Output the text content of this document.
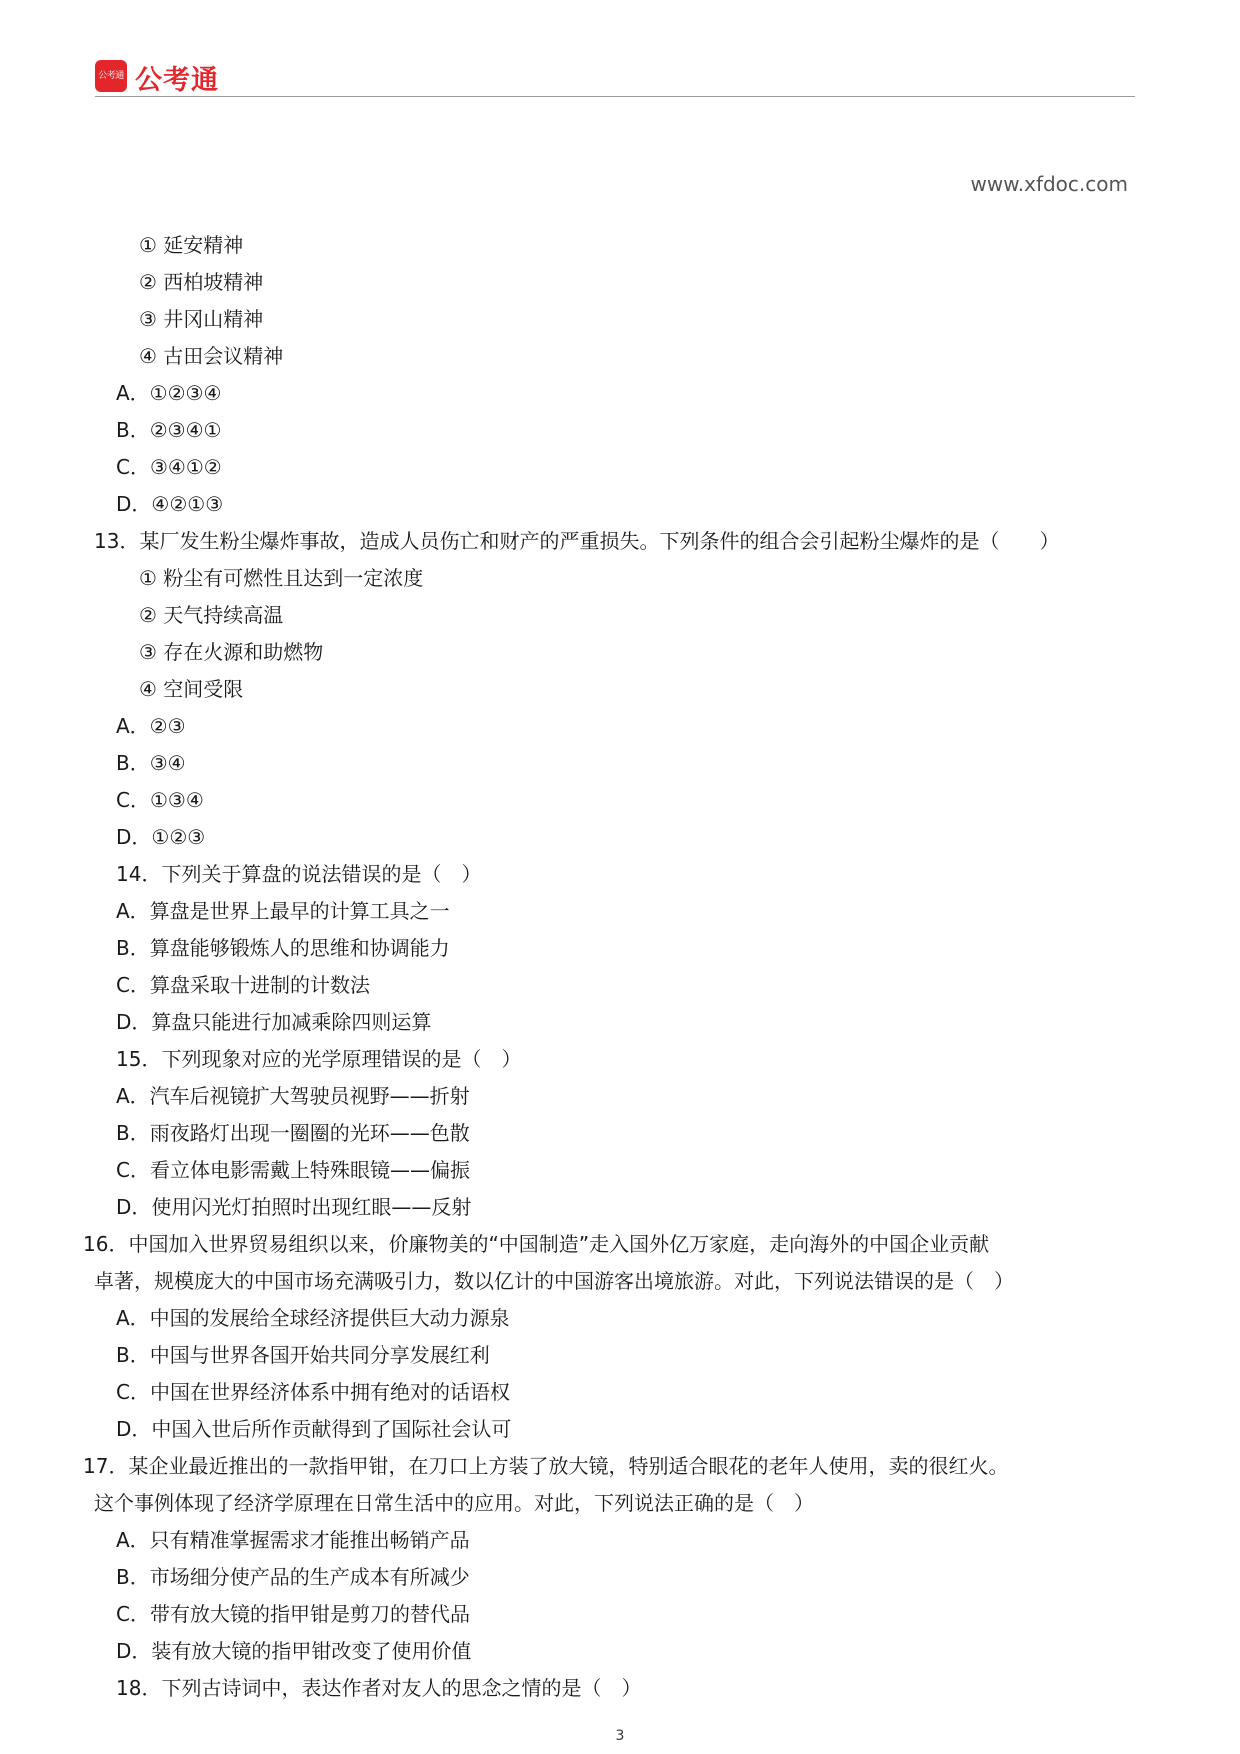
公考通 公考通
www.xfdoc.com
① 延安精神
② 西柏坡精神
③ 井冈山精神
④ 古田会议精神
A．①②③④
B．②③④①
C．③④①②
D．④②①③
13．某厂发生粉尘爆炸事故，造成人员伤亡和财产的严重损失。下列条件的组合会引起粉尘爆炸的是（　　）
① 粉尘有可燃性且达到一定浓度
② 天气持续高温
③ 存在火源和助燃物
④ 空间受限
A．②③
B．③④
C．①③④
D．①②③
14．下列关于算盘的说法错误的是（　）
A．算盘是世界上最早的计算工具之一
B．算盘能够锻炼人的思维和协调能力
C．算盘采取十进制的计数法
D．算盘只能进行加减乘除四则运算
15．下列现象对应的光学原理错误的是（　）
A．汽车后视镜扩大驾驶员视野——折射
B．雨夜路灯出现一圈圈的光环——色散
C．看立体电影需戴上特殊眼镜——偏振
D．使用闪光灯拍照时出现红眼——反射
16．中国加入世界贸易组织以来，价廉物美的“中国制造”走入国外亿万家庭，走向海外的中国企业贡献
卓著，规模庞大的中国市场充满吸引力，数以亿计的中国游客出境旅游。对此，下列说法错误的是（　）
A．中国的发展给全球经济提供巨大动力源泉
B．中国与世界各国开始共同分享发展红利
C．中国在世界经济体系中拥有绝对的话语权
D．中国入世后所作贡献得到了国际社会认可
17．某企业最近推出的一款指甲钳，在刀口上方装了放大镜，特别适合眼花的老年人使用，卖的很红火。
这个事例体现了经济学原理在日常生活中的应用。对此，下列说法正确的是（　）
A．只有精准掌握需求才能推出畅销产品
B．市场细分使产品的生产成本有所减少
C．带有放大镜的指甲钳是剪刀的替代品
D．装有放大镜的指甲钳改变了使用价值
18．下列古诗词中，表达作者对友人的思念之情的是（　）
3
